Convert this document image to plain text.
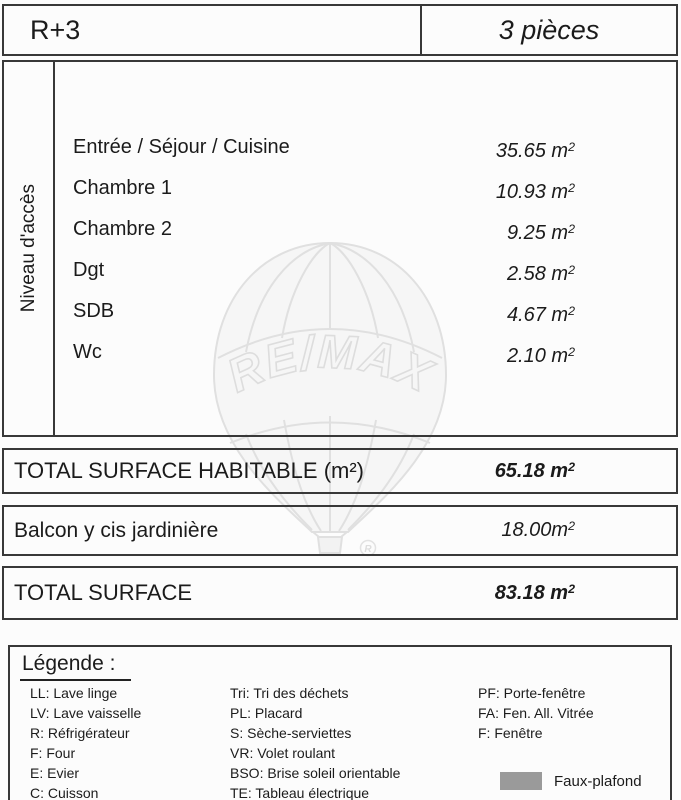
RE/MAX
R
R+3	3 pièces
Niveau d'accès
Entrée / Séjour / Cuisine	35.65 $m^2$
Chambre 1	10.93 $m^2$
Chambre 2	9.25 $m^2$
Dgt	2.58 $m^2$
SDB	4.67 $m^2$
Wc	2.10 $m^2$
TOTAL SURFACE HABITABLE (m²)	65.18 $m^2$
Balcon y cis jardinière	$18.00m^2$
TOTAL SURFACE	83.18 $m^2$
Légende :
LL: Lave linge
LV: Lave vaisselle
R: Réfrigérateur
F: Four
E: Evier
C: Cuisson
Tri: Tri des déchets
PL: Placard
S: Sèche-serviettes
VR: Volet roulant
BSO: Brise soleil orientable
TE: Tableau électrique
PF: Porte-fenêtre
FA: Fen. All. Vitrée
F: Fenêtre
Faux-plafond
